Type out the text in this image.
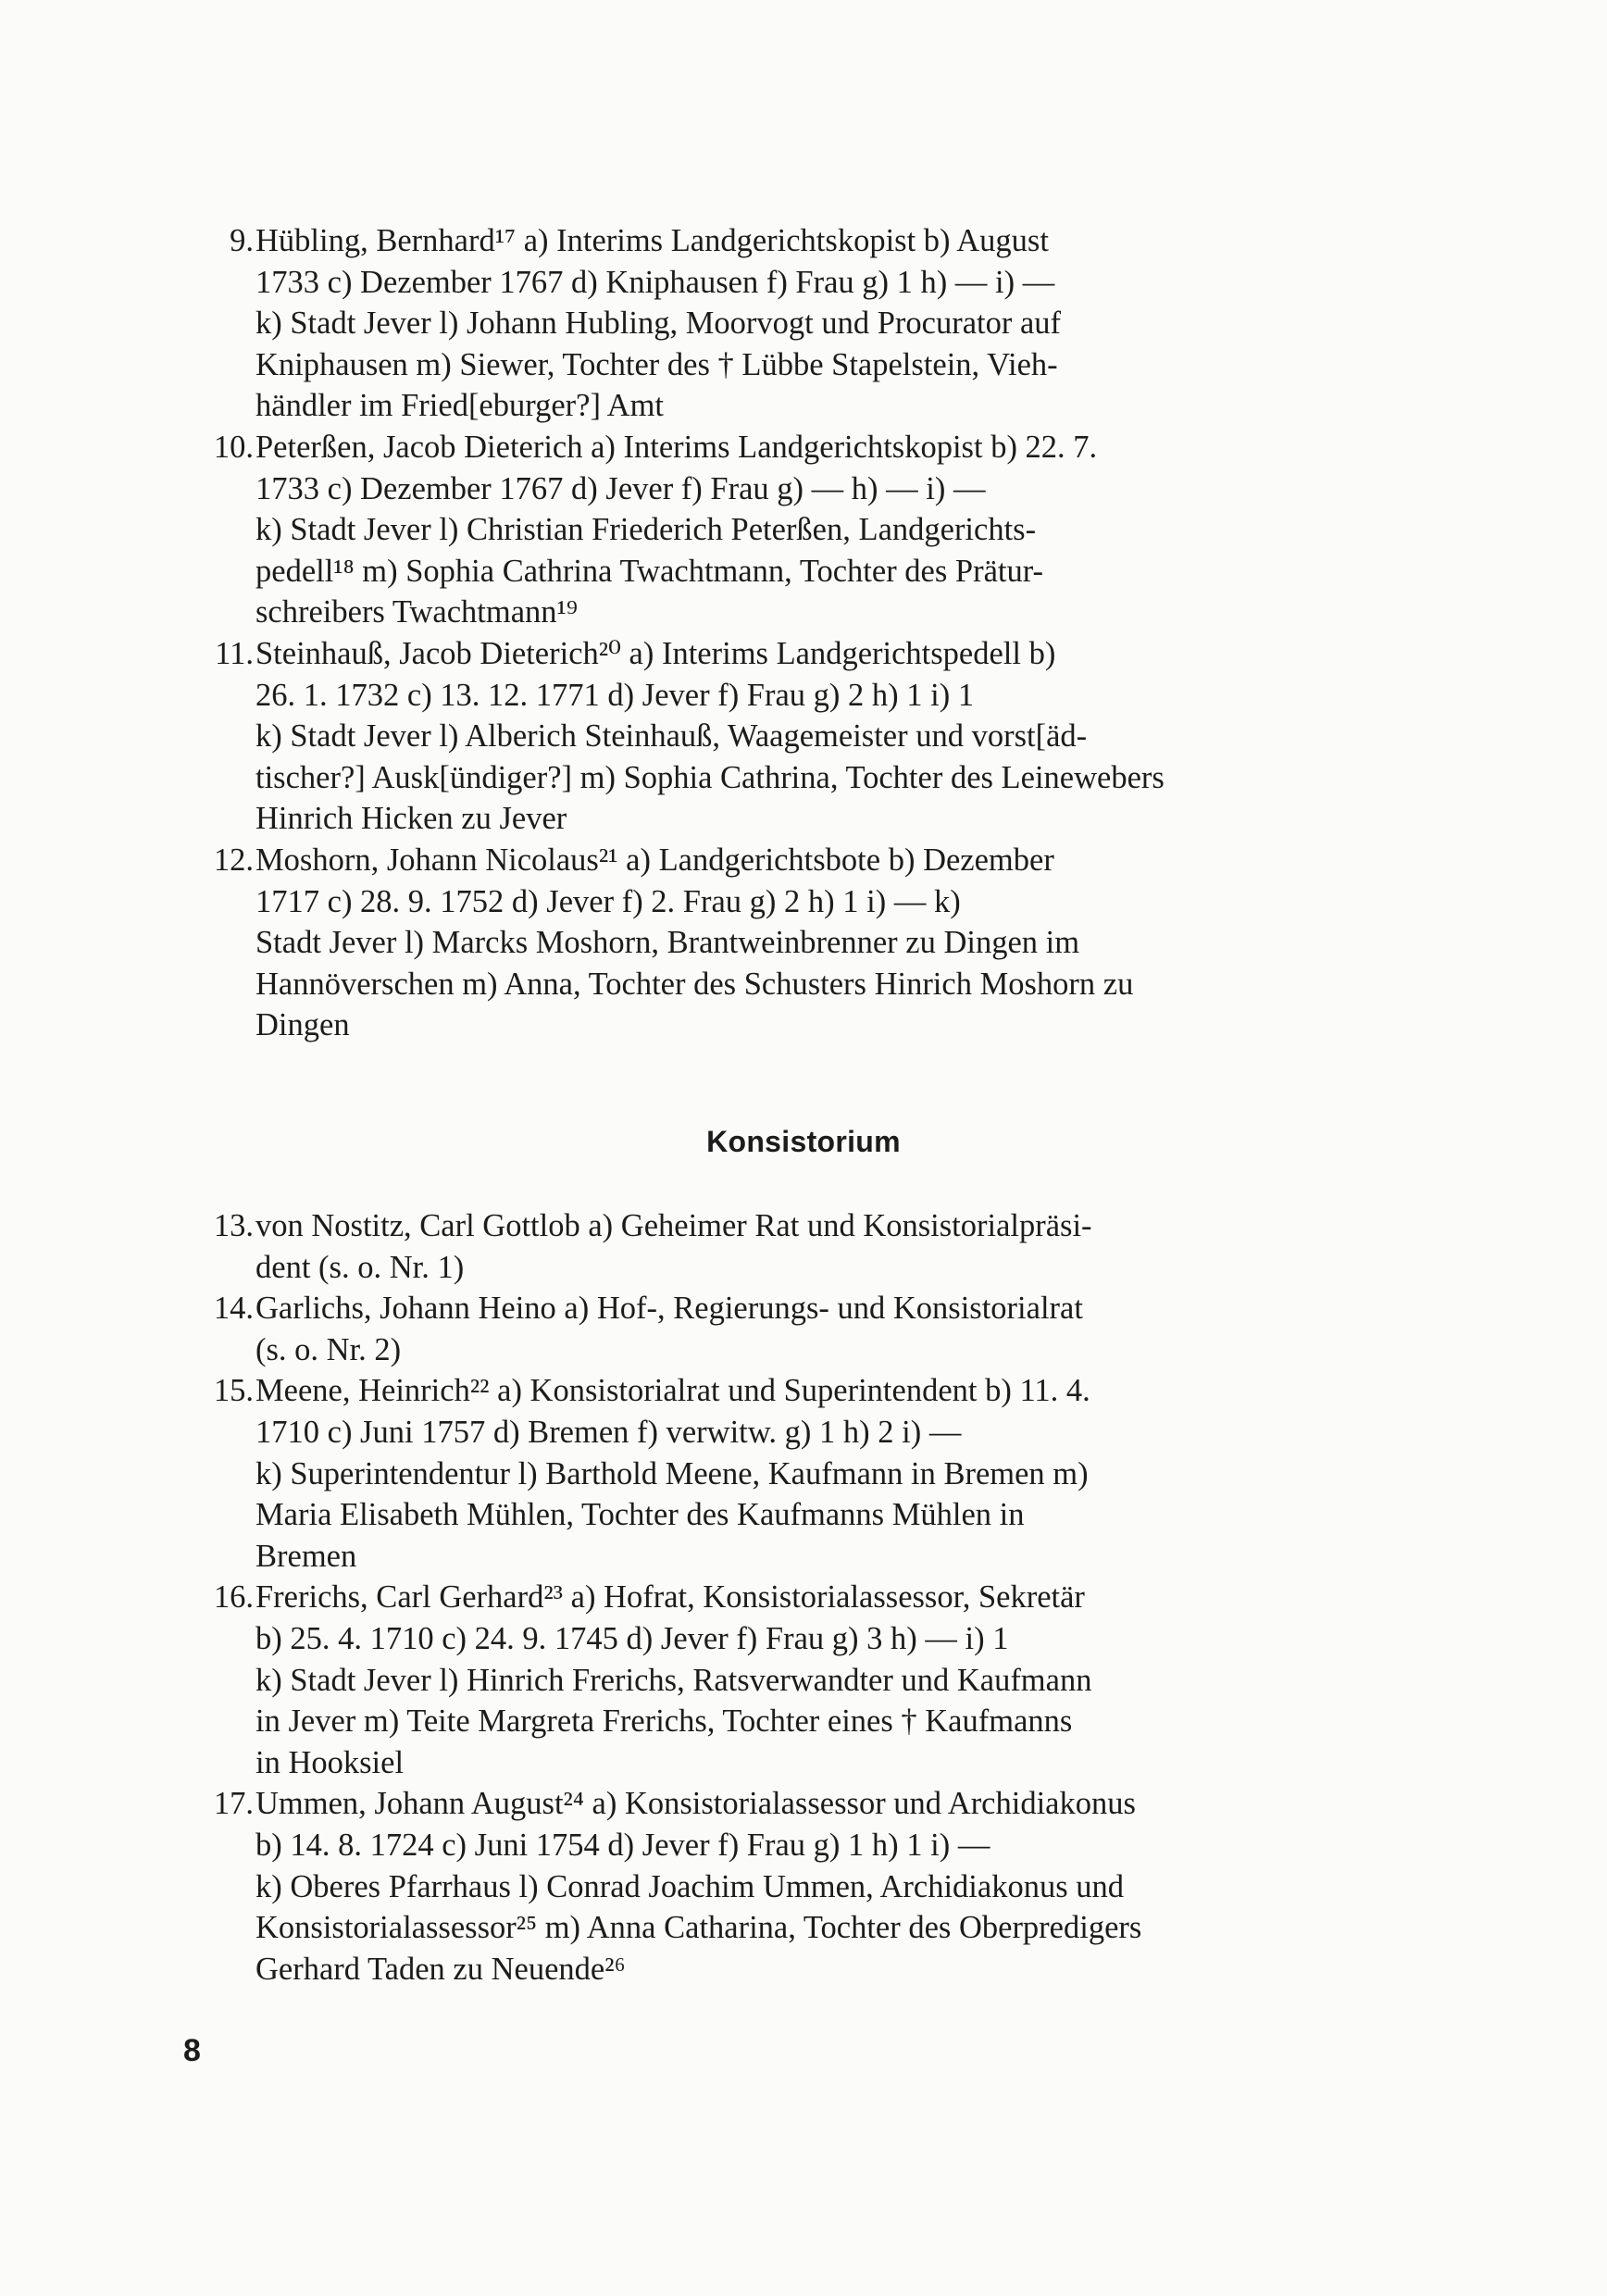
9. Hübling, Bernhard¹⁷ a) Interims Landgerichtskopist b) August
1733 c) Dezember 1767 d) Kniphausen f) Frau g) 1 h) — i) —
k) Stadt Jever l) Johann Hubling, Moorvogt und Procurator auf
Kniphausen m) Siewer, Tochter des † Lübbe Stapelstein, Vieh-
händler im Fried[eburger?] Amt
10. Peterßen, Jacob Dieterich a) Interims Landgerichtskopist b) 22. 7.
1733 c) Dezember 1767 d) Jever f) Frau g) — h) — i) —
k) Stadt Jever l) Christian Friederich Peterßen, Landgerichts-
pedell¹⁸ m) Sophia Cathrina Twachtmann, Tochter des Prätur-
schreibers Twachtmann¹⁹
11. Steinhauß, Jacob Dieterich²⁰ a) Interims Landgerichtspedell b)
26. 1. 1732 c) 13. 12. 1771 d) Jever f) Frau g) 2 h) 1 i) 1
k) Stadt Jever l) Alberich Steinhauß, Waagemeister und vorst[äd-
tischer?] Ausk[ündiger?] m) Sophia Cathrina, Tochter des Leinewebers
Hinrich Hicken zu Jever
12. Moshorn, Johann Nicolaus²¹ a) Landgerichtsbote b) Dezember
1717 c) 28. 9. 1752 d) Jever f) 2. Frau g) 2 h) 1 i) — k)
Stadt Jever l) Marcks Moshorn, Brantweinbrenner zu Dingen im
Hannöverschen m) Anna, Tochter des Schusters Hinrich Moshorn zu
Dingen
Konsistorium
13. von Nostitz, Carl Gottlob a) Geheimer Rat und Konsistorialpräsi-
dent (s. o. Nr. 1)
14. Garlichs, Johann Heino a) Hof-, Regierungs- und Konsistorialrat
(s. o. Nr. 2)
15. Meene, Heinrich²² a) Konsistorialrat und Superintendent b) 11. 4.
1710 c) Juni 1757 d) Bremen f) verwitw. g) 1 h) 2 i) —
k) Superintendentur l) Barthold Meene, Kaufmann in Bremen m)
Maria Elisabeth Mühlen, Tochter des Kaufmanns Mühlen in
Bremen
16. Frerichs, Carl Gerhard²³ a) Hofrat, Konsistorialassessor, Sekretär
b) 25. 4. 1710 c) 24. 9. 1745 d) Jever f) Frau g) 3 h) — i) 1
k) Stadt Jever l) Hinrich Frerichs, Ratsverwandter und Kaufmann
in Jever m) Teite Margreta Frerichs, Tochter eines † Kaufmanns
in Hooksiel
17. Ummen, Johann August²⁴ a) Konsistorialassessor und Archidiakonus
b) 14. 8. 1724 c) Juni 1754 d) Jever f) Frau g) 1 h) 1 i) —
k) Oberes Pfarrhaus l) Conrad Joachim Ummen, Archidiakonus und
Konsistorialassessor²⁵ m) Anna Catharina, Tochter des Oberpredigers
Gerhard Taden zu Neuende²⁶
8
